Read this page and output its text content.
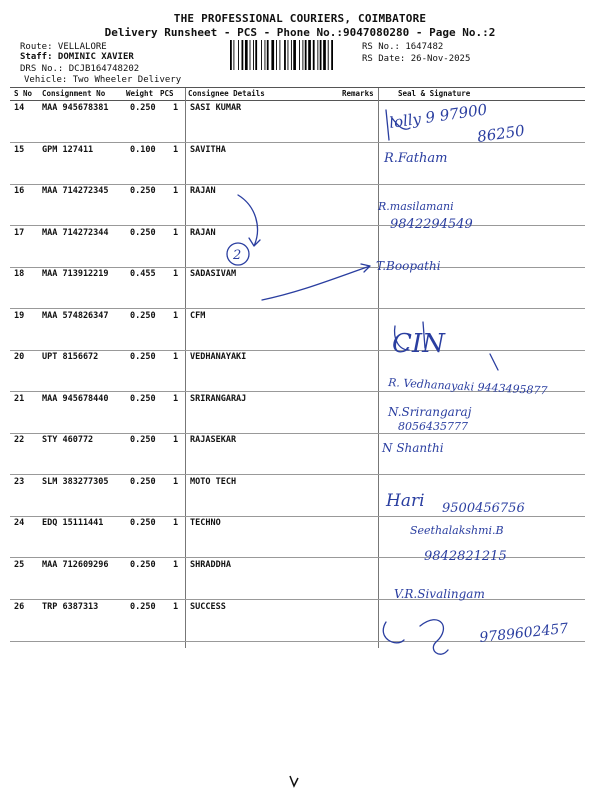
THE PROFESSIONAL COURIERS, COIMBATORE
Delivery Runsheet - PCS - Phone No.:9047080280 - Page No.:2
Route: VELLALORE
Staff: DOMINIC XAVIER
DRS No.: DCJB164748202
Vehicle: Two Wheeler Delivery
RS No.: 1647482
RS Date: 26-Nov-2025
S No Consignment No	Weight PCS Consignee Details	Remarks	Seal & Signature
14 MAA 945678381	0.250 1 SASI KUMAR
15 GPM 127411	0.100 1 SAVITHA
16 MAA 714272345	0.250 1 RAJAN
17 MAA 714272344	0.250 1 RAJAN
18 MAA 713912219	0.455 1 SADASIVAM
19 MAA 574826347	0.250 1 CFM
20 UPT 8156672	0.250 1 VEDHANAYAKI
21 MAA 945678440	0.250 1 SRIRANGARAJ
22 STY 460772	0.250 1 RAJASEKAR
23 SLM 383277305	0.250 1 MOTO TECH
24 EDQ 15111441	0.250 1 TECHNO
25 MAA 712609296	0.250 1 SHRADDHA
26 TRP 6387313	0.250 1 SUCCESS
lolly 9 97900
86250
R.Fatham
R.masilamani
9842294549
2
T.Boopathi
CIN
R. Vedhanayaki 9443495877
N.Srirangaraj
8056435777
N Shanthi
Hari 9500456756
Seethalakshmi.B
9842821215
V.R.Sivalingam
9789602457
